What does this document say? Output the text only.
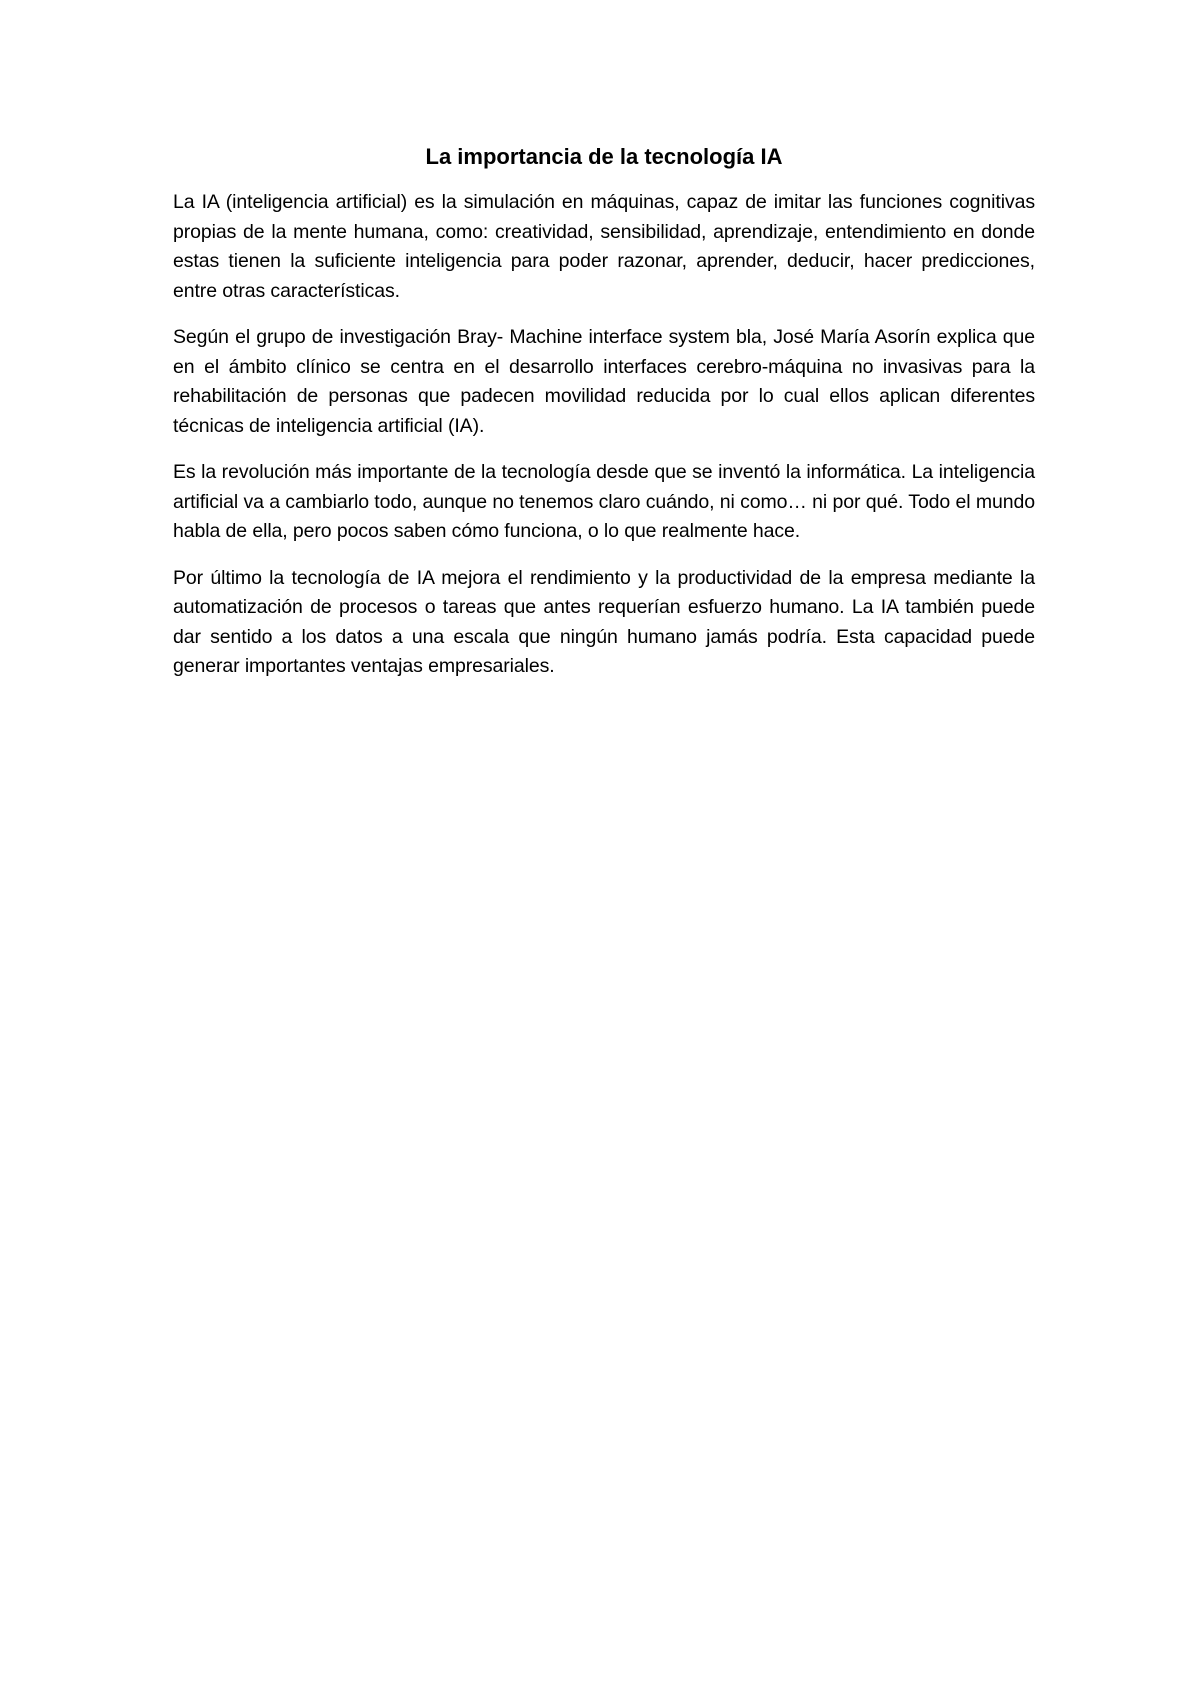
La importancia de la tecnología IA

La IA (inteligencia artificial) es la simulación en máquinas, capaz de imitar las funciones cognitivas propias de la mente humana, como: creatividad, sensibilidad, aprendizaje, entendimiento en donde estas tienen la suficiente inteligencia para poder razonar, aprender, deducir, hacer predicciones, entre otras características.

Según el grupo de investigación Bray- Machine interface system bla, José María Asorín explica que en el ámbito clínico se centra en el desarrollo interfaces cerebro-máquina no invasivas para la rehabilitación de personas que padecen movilidad reducida por lo cual ellos aplican diferentes técnicas de inteligencia artificial (IA).

Es la revolución más importante de la tecnología desde que se inventó la informática. La inteligencia artificial va a cambiarlo todo, aunque no tenemos claro cuándo, ni como… ni por qué. Todo el mundo habla de ella, pero pocos saben cómo funciona, o lo que realmente hace.

Por último la tecnología de IA mejora el rendimiento y la productividad de la empresa mediante la automatización de procesos o tareas que antes requerían esfuerzo humano. La IA también puede dar sentido a los datos a una escala que ningún humano jamás podría. Esta capacidad puede generar importantes ventajas empresariales.
